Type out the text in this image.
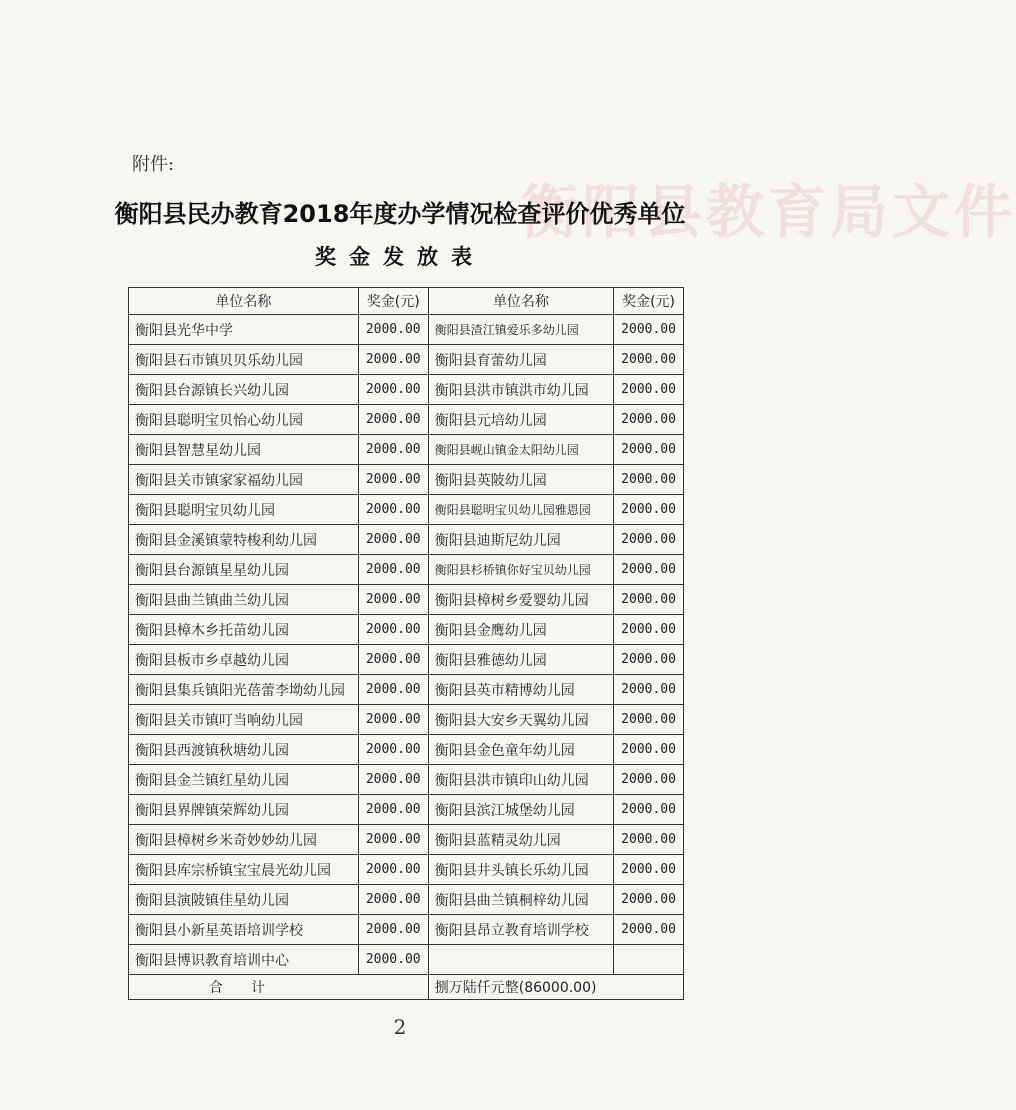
衡阳县教育局文件
附件:
衡阳县民办教育2018年度办学情况检查评价优秀单位
奖金发放表
单位名称	奖金(元)	单位名称	奖金(元)
衡阳县光华中学	2000.00	衡阳县渣江镇爱乐多幼儿园	2000.00
衡阳县石市镇贝贝乐幼儿园	2000.00	衡阳县育蕾幼儿园	2000.00
衡阳县台源镇长兴幼儿园	2000.00	衡阳县洪市镇洪市幼儿园	2000.00
衡阳县聪明宝贝怡心幼儿园	2000.00	衡阳县元培幼儿园	2000.00
衡阳县智慧星幼儿园	2000.00	衡阳县岘山镇金太阳幼儿园	2000.00
衡阳县关市镇家家福幼儿园	2000.00	衡阳县英陂幼儿园	2000.00
衡阳县聪明宝贝幼儿园	2000.00	衡阳县聪明宝贝幼儿园雅恩园	2000.00
衡阳县金溪镇蒙特梭利幼儿园	2000.00	衡阳县迪斯尼幼儿园	2000.00
衡阳县台源镇星星幼儿园	2000.00	衡阳县杉桥镇你好宝贝幼儿园	2000.00
衡阳县曲兰镇曲兰幼儿园	2000.00	衡阳县樟树乡爱婴幼儿园	2000.00
衡阳县樟木乡托苗幼儿园	2000.00	衡阳县金鹰幼儿园	2000.00
衡阳县板市乡卓越幼儿园	2000.00	衡阳县雅德幼儿园	2000.00
衡阳县集兵镇阳光蓓蕾李坳幼儿园	2000.00	衡阳县英市精博幼儿园	2000.00
衡阳县关市镇叮当响幼儿园	2000.00	衡阳县大安乡天翼幼儿园	2000.00
衡阳县西渡镇秋塘幼儿园	2000.00	衡阳县金色童年幼儿园	2000.00
衡阳县金兰镇红星幼儿园	2000.00	衡阳县洪市镇印山幼儿园	2000.00
衡阳县界牌镇荣辉幼儿园	2000.00	衡阳县滨江城堡幼儿园	2000.00
衡阳县樟树乡米奇妙妙幼儿园	2000.00	衡阳县蓝精灵幼儿园	2000.00
衡阳县库宗桥镇宝宝晨光幼儿园	2000.00	衡阳县井头镇长乐幼儿园	2000.00
衡阳县演陂镇佳星幼儿园	2000.00	衡阳县曲兰镇桐梓幼儿园	2000.00
衡阳县小新星英语培训学校	2000.00	衡阳县昂立教育培训学校	2000.00
衡阳县博识教育培训中心	2000.00		
合　　计		捌万陆仟元整(86000.00)	
2
